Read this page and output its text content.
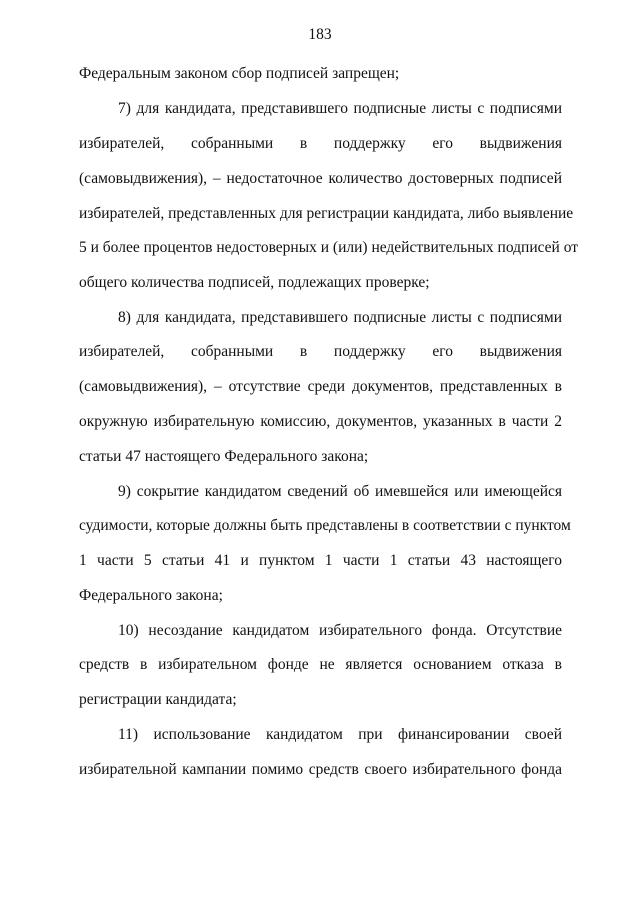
183
Федеральным законом сбор подписей запрещен;
7) для кандидата, представившего подписные листы с подписями
избирателей, собранными в поддержку его выдвижения
(самовыдвижения), – недостаточное количество достоверных подписей
избирателей, представленных для регистрации кандидата, либо выявление
5 и более процентов недостоверных и (или) недействительных подписей от
общего количества подписей, подлежащих проверке;
8) для кандидата, представившего подписные листы с подписями
избирателей, собранными в поддержку его выдвижения
(самовыдвижения), – отсутствие среди документов, представленных в
окружную избирательную комиссию, документов, указанных в части 2
статьи 47 настоящего Федерального закона;
9) сокрытие кандидатом сведений об имевшейся или имеющейся
судимости, которые должны быть представлены в соответствии с пунктом
1 части 5 статьи 41 и пунктом 1 части 1 статьи 43 настоящего
Федерального закона;
10) несоздание кандидатом избирательного фонда. Отсутствие
средств в избирательном фонде не является основанием отказа в
регистрации кандидата;
11) использование кандидатом при финансировании своей
избирательной кампании помимо средств своего избирательного фонда
